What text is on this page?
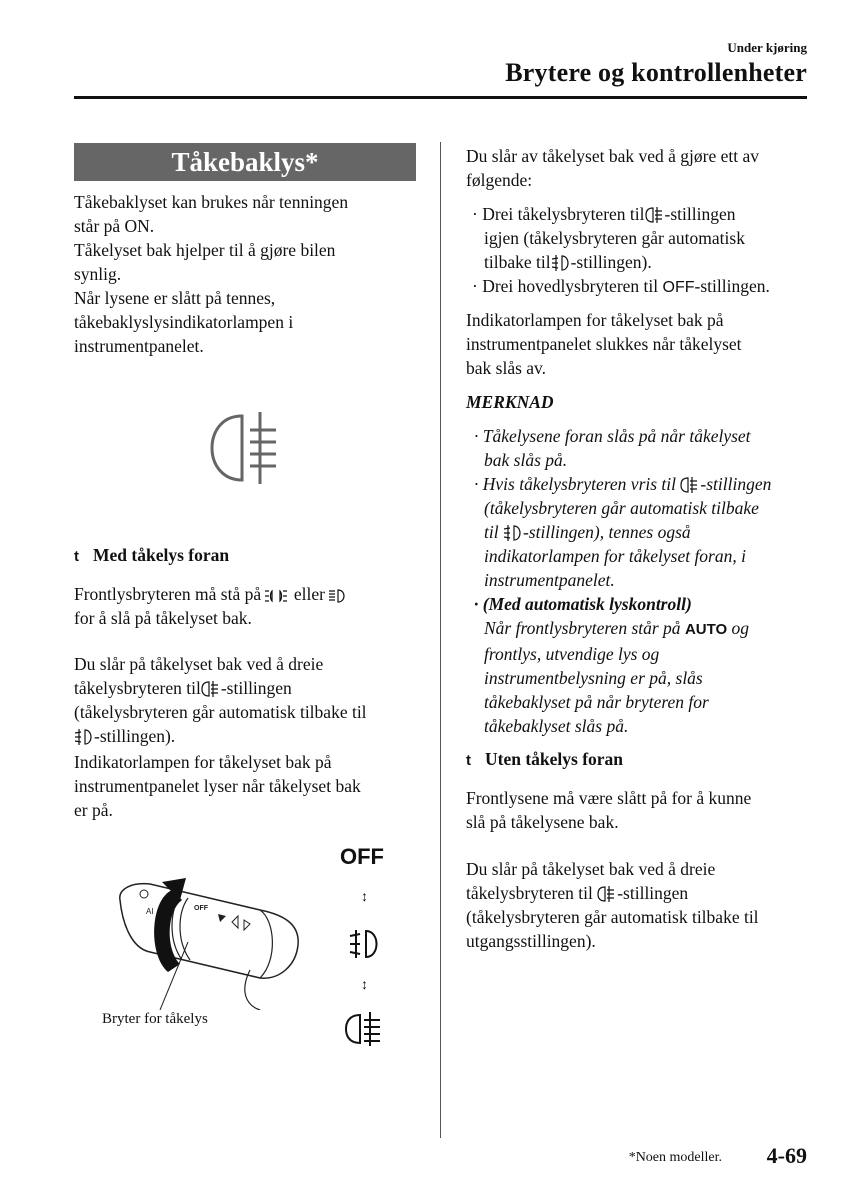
Under kjøring
Brytere og kontrollenheter
Tåkebaklys*
Tåkebaklyset kan brukes når tenningen
står på ON.
Tåkelyset bak hjelper til å gjøre bilen
synlig.
Når lysene er slått på tennes,
tåkebaklyslysindikatorlampen i
instrumentpanelet.
t Med tåkelys foran
Frontlysbryteren må stå på  eller
for å slå på tåkelyset bak.
Du slår på tåkelyset bak ved å dreie
tåkelysbryteren til -stillingen
(tåkelysbryteren går automatisk tilbake til
-stillingen).
Indikatorlampen for tåkelyset bak på
instrumentpanelet lyser når tåkelyset bak
er på.
AI	OFF
OFF
↕
↕
Bryter for tåkelys
Du slår av tåkelyset bak ved å gjøre ett av
følgende:
· Drei tåkelysbryteren til -stillingen
igjen (tåkelysbryteren går automatisk
tilbake til -stillingen).
· Drei hovedlysbryteren til OFF-stillingen.
Indikatorlampen for tåkelyset bak på
instrumentpanelet slukkes når tåkelyset
bak slås av.
MERKNAD
· Tåkelysene foran slås på når tåkelyset
bak slås på.
· Hvis tåkelysbryteren vris til -stillingen
(tåkelysbryteren går automatisk tilbake
til -stillingen), tennes også
indikatorlampen for tåkelyset foran, i
instrumentpanelet.
· (Med automatisk lyskontroll)
Når frontlysbryteren står på AUTO og
frontlys, utvendige lys og
instrumentbelysning er på, slås
tåkebaklyset på når bryteren for
tåkebaklyset slås på.
t Uten tåkelys foran
Frontlysene må være slått på for å kunne
slå på tåkelysene bak.
Du slår på tåkelyset bak ved å dreie
tåkelysbryteren til -stillingen
(tåkelysbryteren går automatisk tilbake til
utgangsstillingen).
*Noen modeller. 4-69
